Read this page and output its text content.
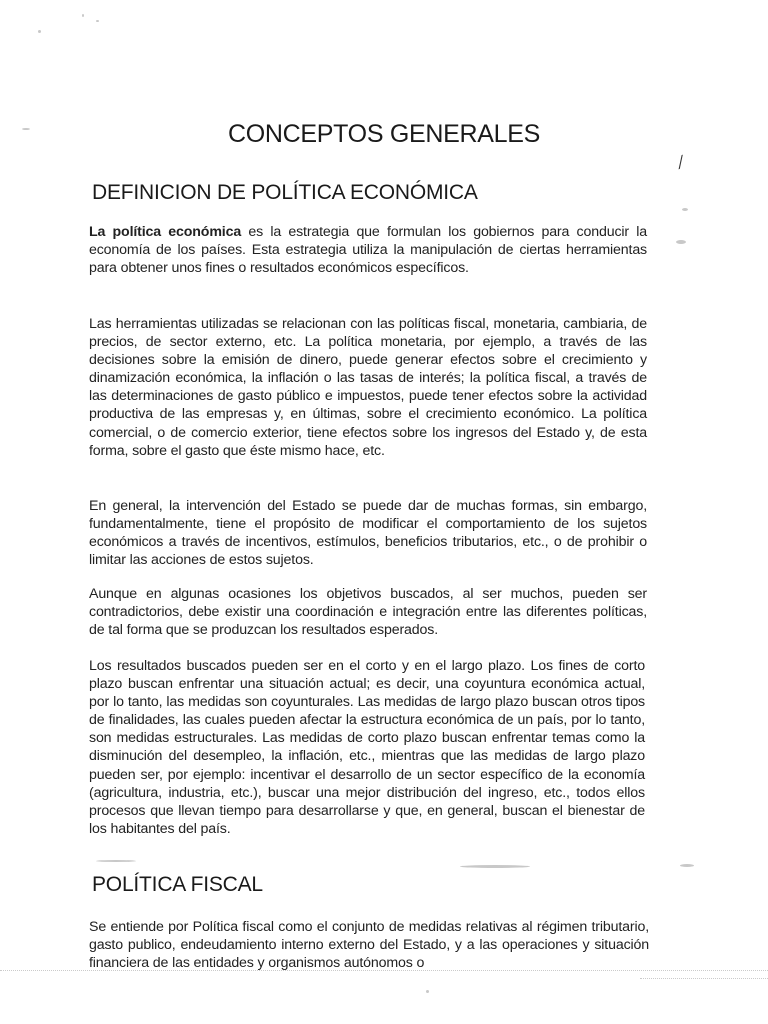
⁄
CONCEPTOS GENERALES
DEFINICION DE POLÍTICA ECONÓMICA

La política económica es la estrategia que formulan los gobiernos para conducir la economía de los países. Esta estrategia utiliza la manipulación de ciertas herramientas para obtener unos fines o resultados económicos específicos.

Las herramientas utilizadas se relacionan con las políticas fiscal, monetaria, cambiaria, de precios, de sector externo, etc. La política monetaria, por ejemplo, a través de las decisiones sobre la emisión de dinero, puede generar efectos sobre el crecimiento y dinamización económica, la inflación o las tasas de interés; la política fiscal, a través de las determinaciones de gasto público e impuestos, puede tener efectos sobre la actividad productiva de las empresas y, en últimas, sobre el crecimiento económico. La política comercial, o de comercio exterior, tiene efectos sobre los ingresos del Estado y, de esta forma, sobre el gasto que éste mismo hace, etc.

En general, la intervención del Estado se puede dar de muchas formas, sin embargo, fundamentalmente, tiene el propósito de modificar el comportamiento de los sujetos económicos a través de incentivos, estímulos, beneficios tributarios, etc., o de prohibir o limitar las acciones de estos sujetos.

Aunque en algunas ocasiones los objetivos buscados, al ser muchos, pueden ser contradictorios, debe existir una coordinación e integración entre las diferentes políticas, de tal forma que se produzcan los resultados esperados.

Los resultados buscados pueden ser en el corto y en el largo plazo. Los fines de corto plazo buscan enfrentar una situación actual; es decir, una coyuntura económica actual, por lo tanto, las medidas son coyunturales. Las medidas de largo plazo buscan otros tipos de finalidades, las cuales pueden afectar la estructura económica de un país, por lo tanto, son medidas estructurales. Las medidas de corto plazo buscan enfrentar temas como la disminución del desempleo, la inflación, etc., mientras que las medidas de largo plazo pueden ser, por ejemplo: incentivar el desarrollo de un sector específico de la economía (agricultura, industria, etc.), buscar una mejor distribución del ingreso, etc., todos ellos procesos que llevan tiempo para desarrollarse y que, en general, buscan el bienestar de los habitantes del país.

POLÍTICA FISCAL

Se entiende por Política fiscal como el conjunto de medidas relativas al régimen tributario, gasto publico, endeudamiento interno externo del Estado, y a las operaciones y situación financiera de las entidades y organismos autónomos o
